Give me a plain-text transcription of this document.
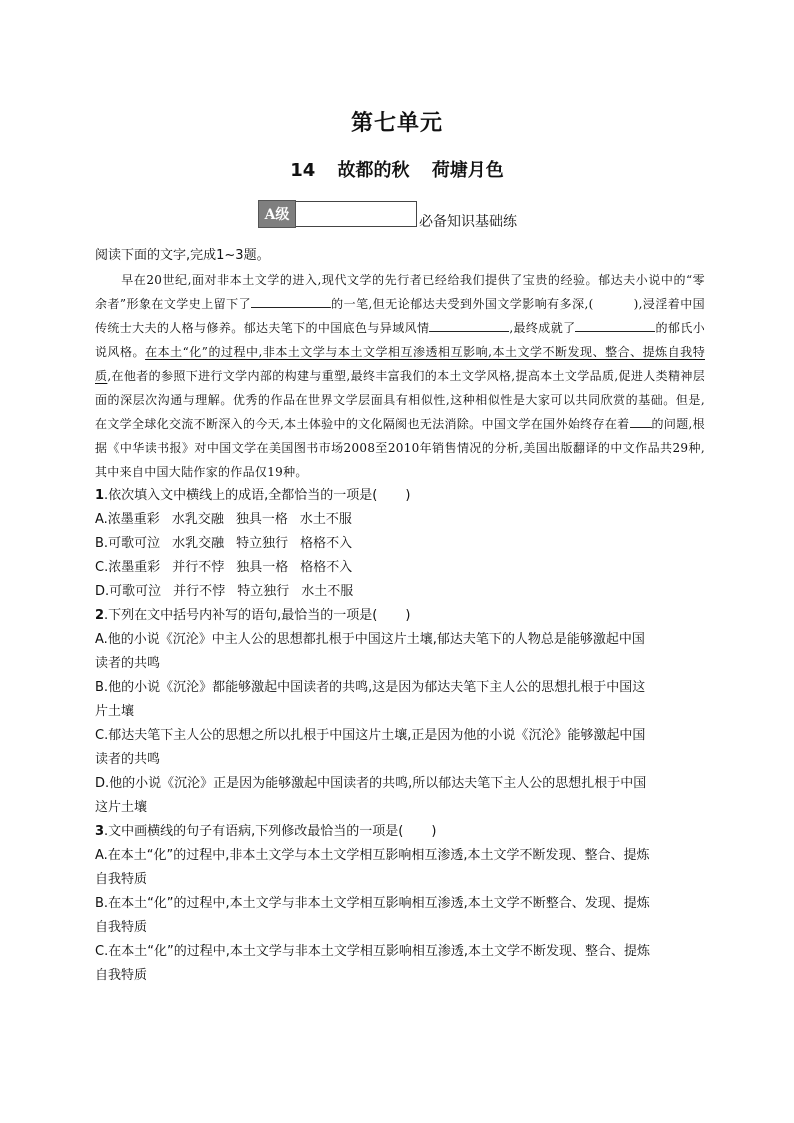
第七单元
14 故都的秋 荷塘月色
A级	必备知识基础练

阅读下面的文字,完成1~3题。

早在20世纪,面对非本土文学的进入,现代文学的先行者已经给我们提供了宝贵的经验。郁达夫小说中的“零余者”形象在文学史上留下了	的一笔,但无论郁达夫受到外国文学影响有多深,(	),浸淫着中国传统士大夫的人格与修养。郁达夫笔下的中国底色与异域风情	,最终成就了	的郁氏小说风格。在本土“化”的过程中,非本土文学与本土文学相互渗透相互影响,本土文学不断发现、整合、提炼自我特质,在他者的参照下进行文学内部的构建与重塑,最终丰富我们的本土文学风格,提高本土文学品质,促进人类精神层面的深层次沟通与理解。优秀的作品在世界文学层面具有相似性,这种相似性是大家可以共同欣赏的基础。但是,在文学全球化交流不断深入的今天,本土体验中的文化隔阂也无法消除。中国文学在国外始终存在着 的问题,根据《中华读书报》对中国文学在美国图书市场2008至2010年销售情况的分析,美国出版翻译的中文作品共29种,其中来自中国大陆作家的作品仅19种。

1.依次填入文中横线上的成语,全都恰当的一项是( )

A.浓墨重彩 水乳交融 独具一格 水土不服

B.可歌可泣 水乳交融 特立独行 格格不入

C.浓墨重彩 并行不悖 独具一格 格格不入

D.可歌可泣 并行不悖 特立独行 水土不服

2.下列在文中括号内补写的语句,最恰当的一项是( )

A.他的小说《沉沦》中主人公的思想都扎根于中国这片土壤,郁达夫笔下的人物总是能够激起中国
读者的共鸣

B.他的小说《沉沦》都能够激起中国读者的共鸣,这是因为郁达夫笔下主人公的思想扎根于中国这
片土壤

C.郁达夫笔下主人公的思想之所以扎根于中国这片土壤,正是因为他的小说《沉沦》能够激起中国
读者的共鸣

D.他的小说《沉沦》正是因为能够激起中国读者的共鸣,所以郁达夫笔下主人公的思想扎根于中国
这片土壤

3.文中画横线的句子有语病,下列修改最恰当的一项是( )

A.在本土“化”的过程中,非本土文学与本土文学相互影响相互渗透,本土文学不断发现、整合、提炼
自我特质

B.在本土“化”的过程中,本土文学与非本土文学相互影响相互渗透,本土文学不断整合、发现、提炼
自我特质

C.在本土“化”的过程中,本土文学与非本土文学相互影响相互渗透,本土文学不断发现、整合、提炼
自我特质
